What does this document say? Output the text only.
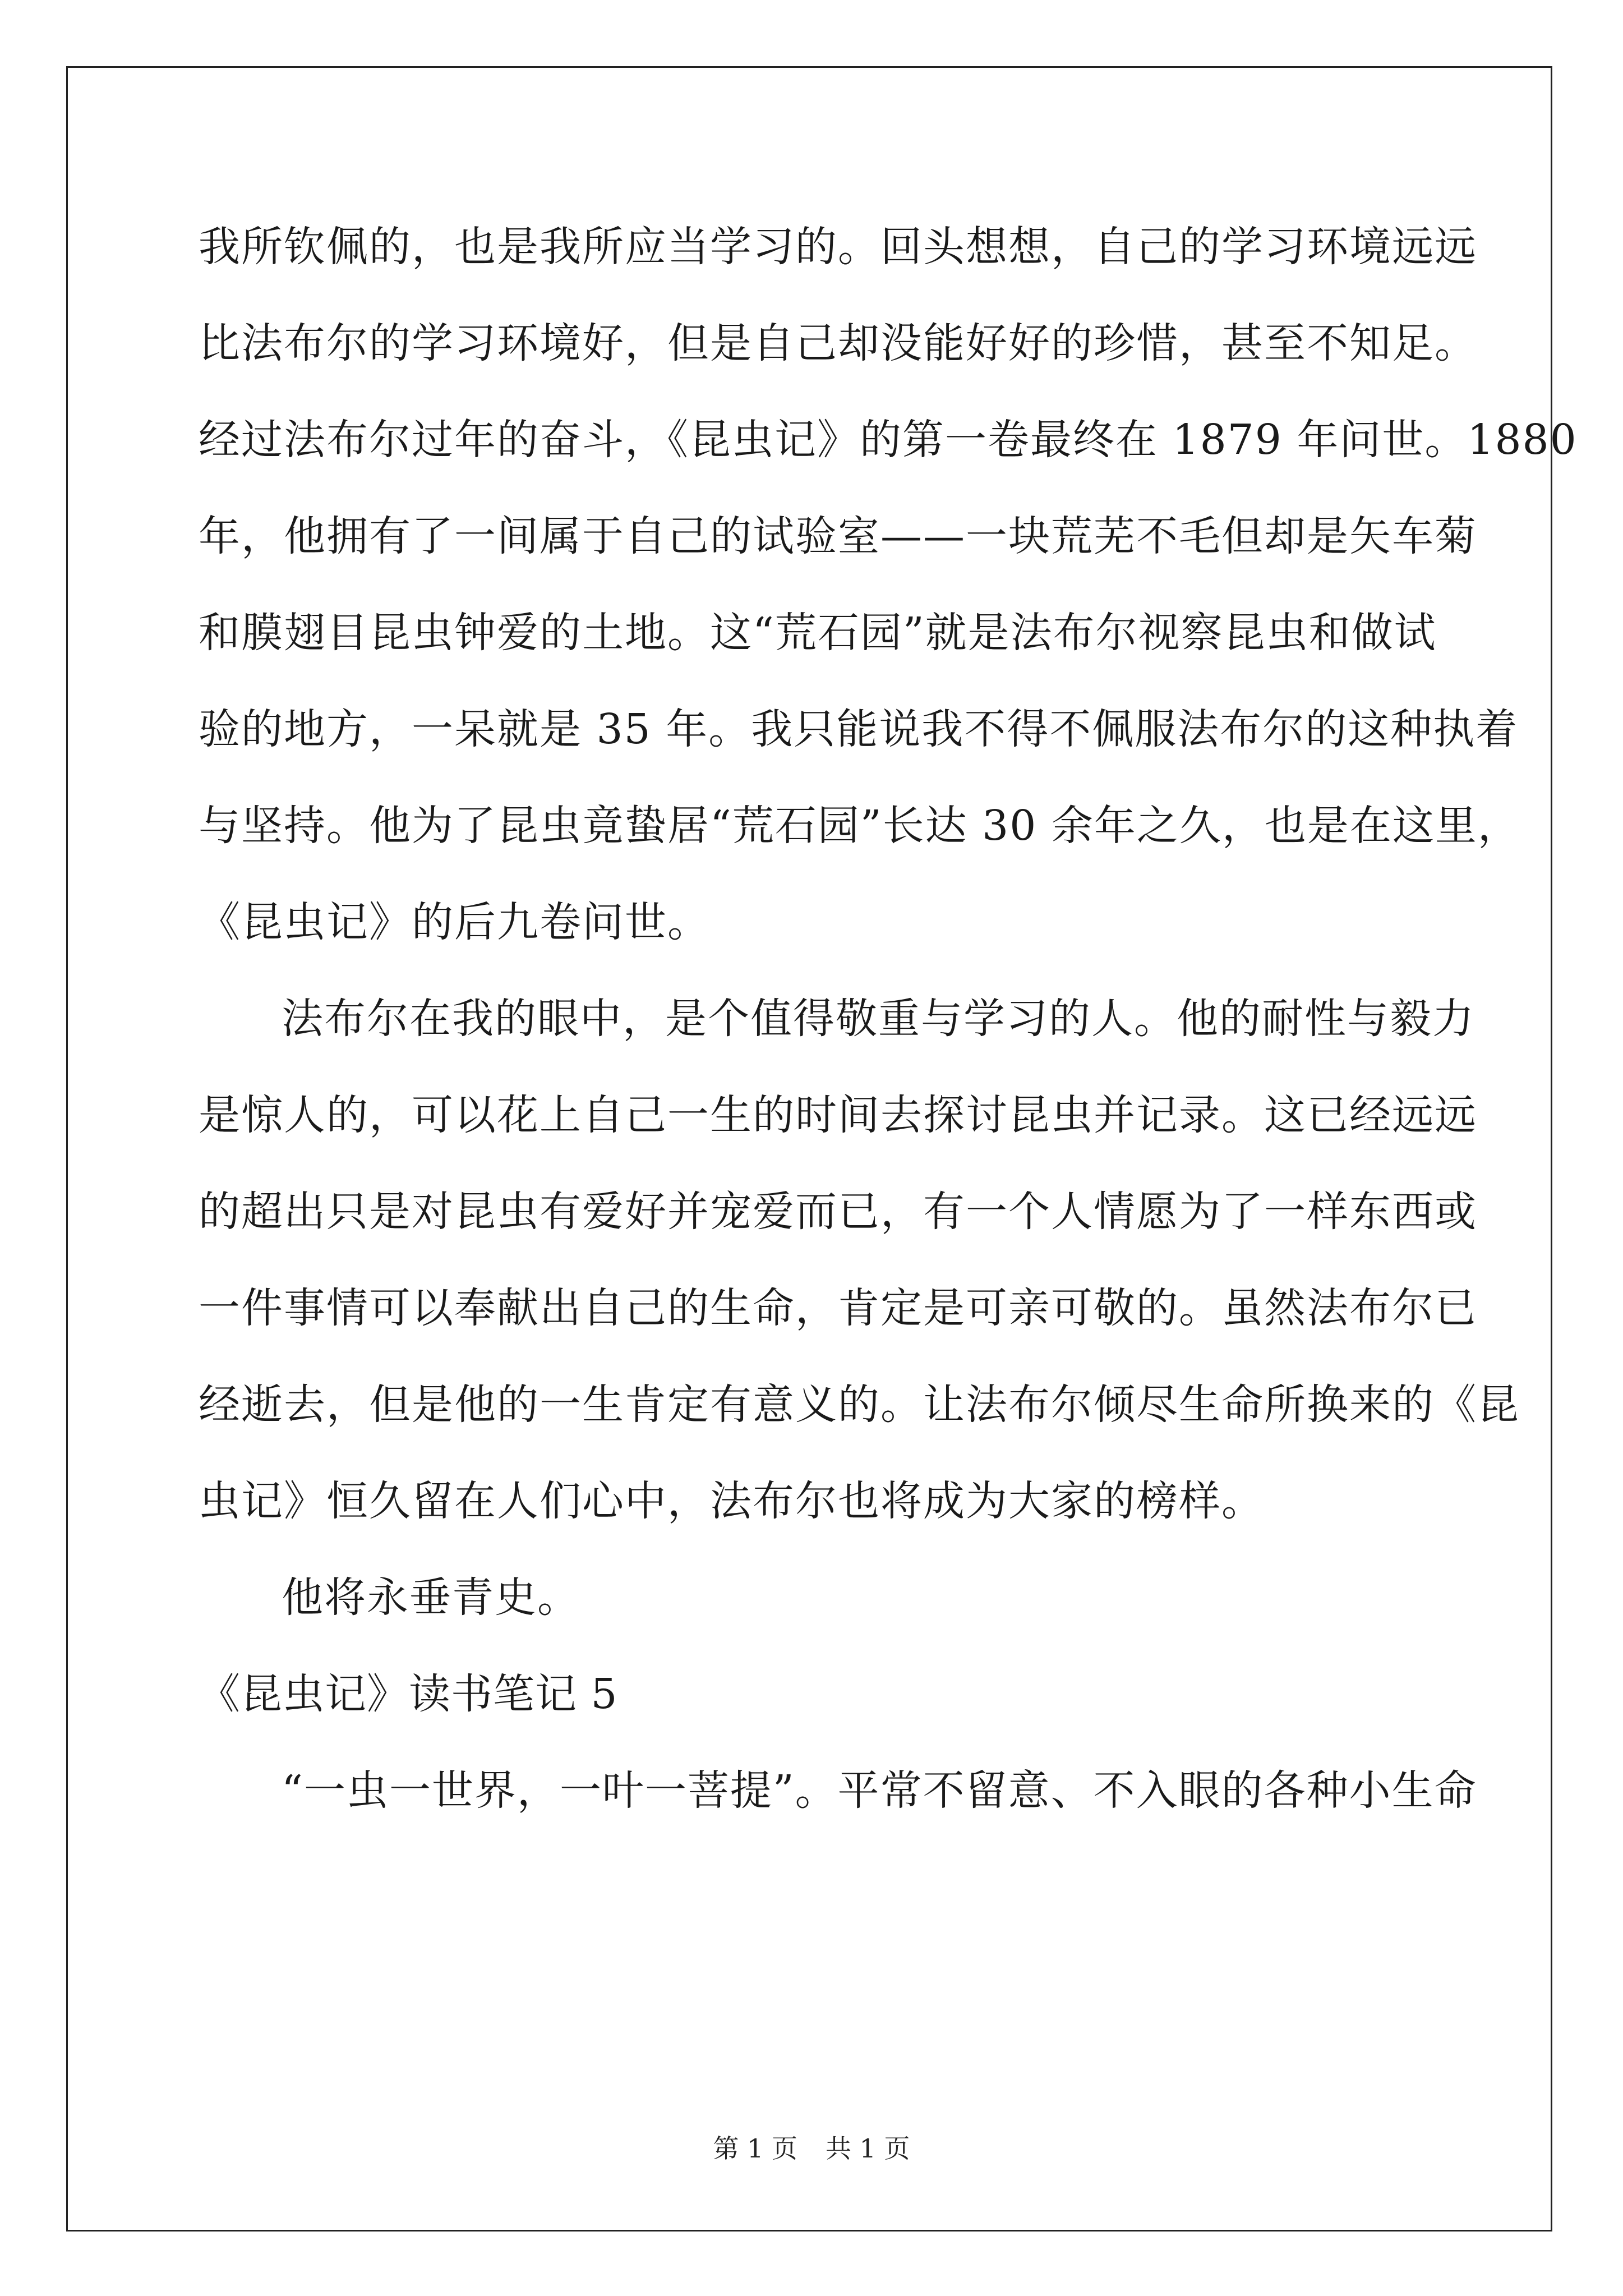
我所钦佩的，也是我所应当学习的。回头想想，自己的学习环境远远
比法布尔的学习环境好，但是自己却没能好好的珍惜，甚至不知足。
经过法布尔过年的奋斗，《昆虫记》的第一卷最终在 1879 年问世。1880
年，他拥有了一间属于自己的试验室——一块荒芜不毛但却是矢车菊
和膜翅目昆虫钟爱的土地。这“荒石园”就是法布尔视察昆虫和做试
验的地方，一呆就是 35 年。我只能说我不得不佩服法布尔的这种执着
与坚持。他为了昆虫竟蛰居“荒石园”长达 30 余年之久，也是在这里，
《昆虫记》的后九卷问世。
法布尔在我的眼中，是个值得敬重与学习的人。他的耐性与毅力
是惊人的，可以花上自己一生的时间去探讨昆虫并记录。这已经远远
的超出只是对昆虫有爱好并宠爱而已，有一个人情愿为了一样东西或
一件事情可以奉献出自己的生命，肯定是可亲可敬的。虽然法布尔已
经逝去，但是他的一生肯定有意义的。让法布尔倾尽生命所换来的《昆
虫记》恒久留在人们心中，法布尔也将成为大家的榜样。
他将永垂青史。
《昆虫记》读书笔记 5
“一虫一世界，一叶一菩提”。平常不留意、不入眼的各种小生命
第 1 页 共 1 页
